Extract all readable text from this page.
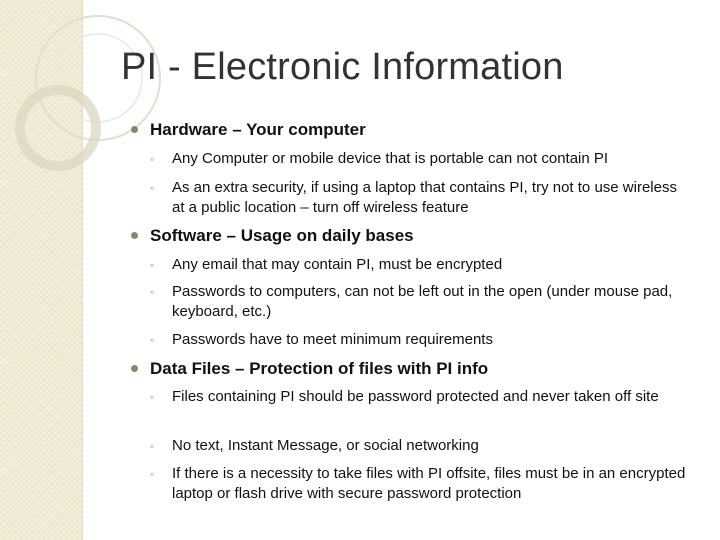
PI - Electronic Information
Hardware – Your computer
◦ Any Computer or mobile device that is portable can not contain PI
◦ As an extra security, if using a laptop that contains PI, try not to use wireless at a public location – turn off wireless feature
Software – Usage on daily bases
◦ Any email that may contain PI, must be encrypted
◦ Passwords to computers, can not be left out in the open (under mouse pad, keyboard, etc.)
◦ Passwords have to meet minimum requirements
Data Files – Protection of files with PI info
◦ Files containing PI should be password protected and never taken off site
◦ No text, Instant Message, or social networking
◦ If there is a necessity to take files with PI offsite, files must be in an encrypted laptop or flash drive with secure password protection
